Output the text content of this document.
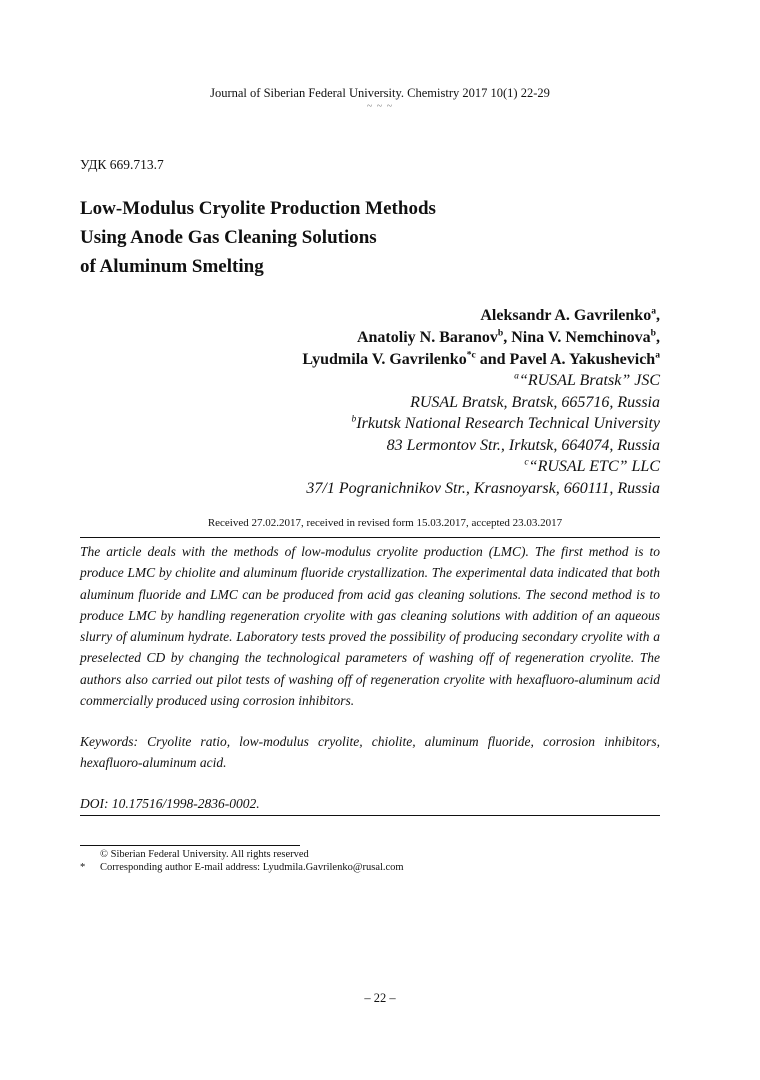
Journal of Siberian Federal University. Chemistry 2017 10(1) 22-29
~ ~ ~
УДК 669.713.7
Low-Modulus Cryolite Production Methods
Using Anode Gas Cleaning Solutions
of Aluminum Smelting
Aleksandr A. Gavrilenko$^a$,
Anatoliy N. Baranov$^b$, Nina V. Nemchinova$^b$,
Lyudmila V. Gavrilenko$^{*c}$ and Pavel A. Yakushevich$^a$
$^a$“RUSAL Bratsk” JSC
RUSAL Bratsk, Bratsk, 665716, Russia
$^b$Irkutsk National Research Technical University
83 Lermontov Str., Irkutsk, 664074, Russia
$^c$“RUSAL ETC” LLC
37/1 Pogranichnikov Str., Krasnoyarsk, 660111, Russia
Received 27.02.2017, received in revised form 15.03.2017, accepted 23.03.2017
The article deals with the methods of low-modulus cryolite production (LMC). The first method is to produce LMC by chiolite and aluminum fluoride crystallization. The experimental data indicated that both aluminum fluoride and LMC can be produced from acid gas cleaning solutions. The second method is to produce LMC by handling regeneration cryolite with gas cleaning solutions with addition of an aqueous slurry of aluminum hydrate. Laboratory tests proved the possibility of producing secondary cryolite with a preselected CD by changing the technological parameters of washing off of regeneration cryolite. The authors also carried out pilot tests of washing off of regeneration cryolite with hexafluoro-aluminum acid commercially produced using corrosion inhibitors.
Keywords: Cryolite ratio, low-modulus cryolite, chiolite, aluminum fluoride, corrosion inhibitors, hexafluoro-aluminum acid.
DOI: 10.17516/1998-2836-0002.
© Siberian Federal University. All rights reserved
* Corresponding author E-mail address: Lyudmila.Gavrilenko@rusal.com
– 22 –
